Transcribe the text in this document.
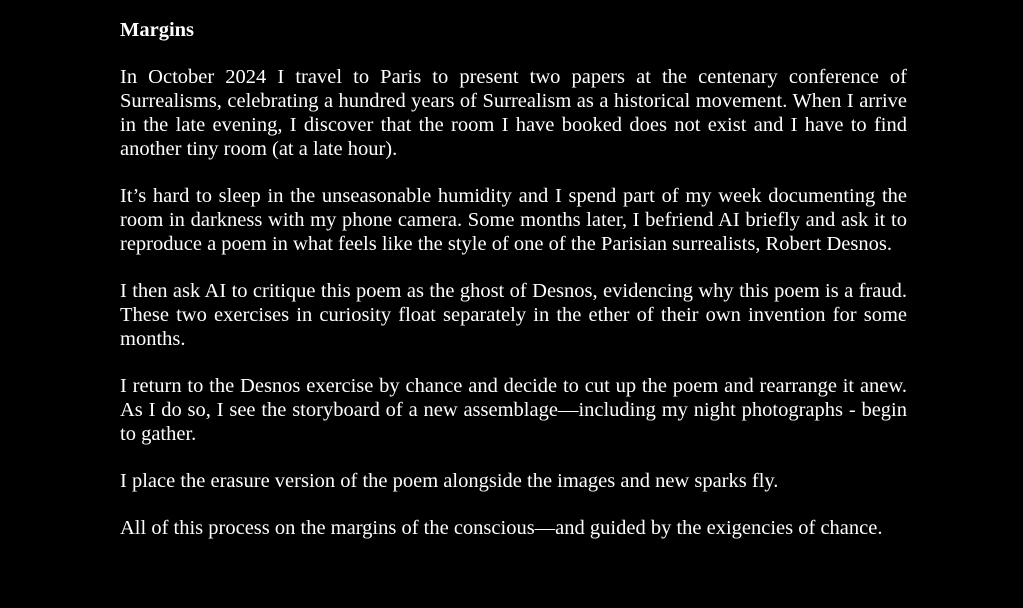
Margins

In October 2024 I travel to Paris to present two papers at the centenary conference of Surrealisms, celebrating a hundred years of Surrealism as a historical movement. When I arrive in the late evening, I discover that the room I have booked does not exist and I have to find another tiny room (at a late hour).

It’s hard to sleep in the unseasonable humidity and I spend part of my week documenting the room in darkness with my phone camera. Some months later, I befriend AI briefly and ask it to reproduce a poem in what feels like the style of one of the Parisian surrealists, Robert Desnos.

I then ask AI to critique this poem as the ghost of Desnos, evidencing why this poem is a fraud. These two exercises in curiosity float separately in the ether of their own invention for some months.

I return to the Desnos exercise by chance and decide to cut up the poem and rearrange it anew. As I do so, I see the storyboard of a new assemblage—including my night photographs - begin to gather.

I place the erasure version of the poem alongside the images and new sparks fly.

All of this process on the margins of the conscious—and guided by the exigencies of chance.
